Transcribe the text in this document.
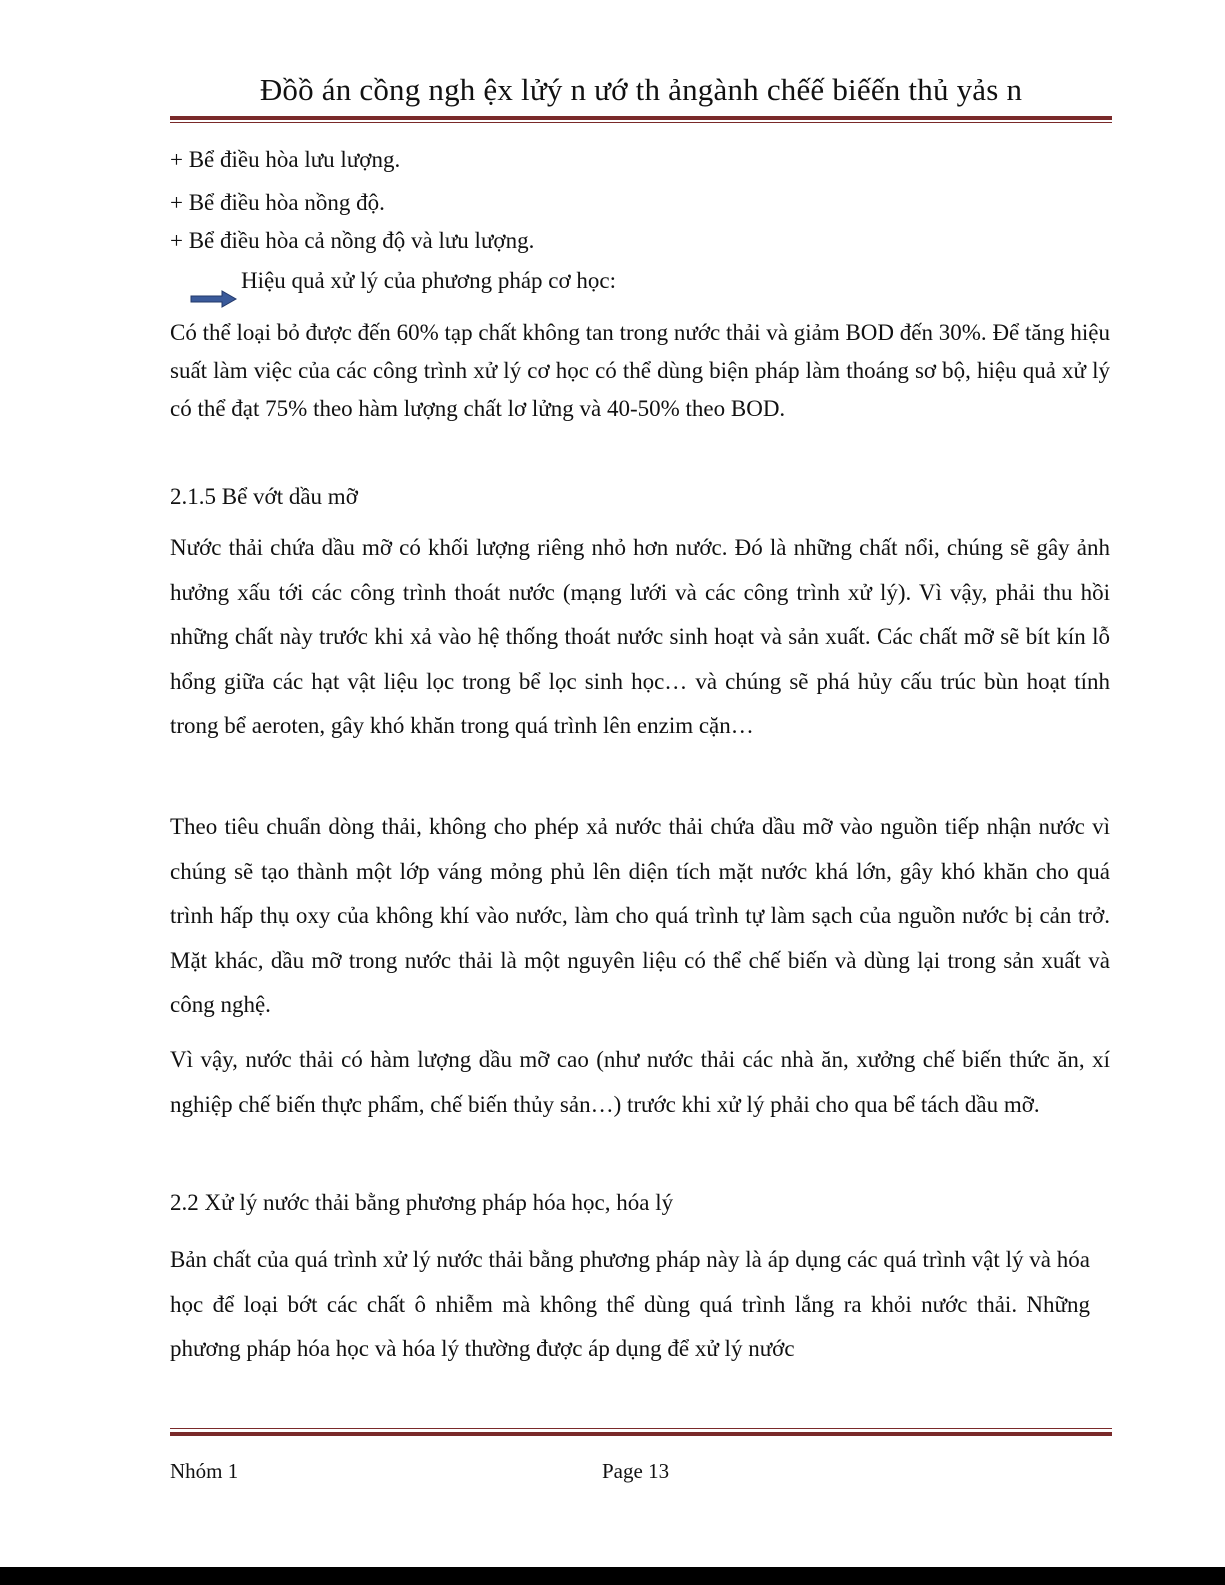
Đồồ án cồng ngh ệx lửý n ướ th ảngành chếế biếến thủ yảs n
+ Bể điều hòa lưu lượng.
+ Bể điều hòa nồng độ.
+ Bể điều hòa cả nồng độ và lưu lượng.
Hiệu quả xử lý của phương pháp cơ học:
Có thể loại bỏ được đến 60% tạp chất không tan trong nước thải và giảm BOD đến 30%. Để tăng hiệu suất làm việc của các công trình xử lý cơ học có thể dùng biện pháp làm thoáng sơ bộ, hiệu quả xử lý có thể đạt 75% theo hàm lượng chất lơ lửng và 40-50% theo BOD.
2.1.5 Bể vớt dầu mỡ
Nước thải chứa dầu mỡ có khối lượng riêng nhỏ hơn nước. Đó là những chất nổi, chúng sẽ gây ảnh hưởng xấu tới các công trình thoát nước (mạng lưới và các công trình xử lý). Vì vậy, phải thu hồi những chất này trước khi xả vào hệ thống thoát nước sinh hoạt và sản xuất. Các chất mỡ sẽ bít kín lỗ hổng giữa các hạt vật liệu lọc trong bể lọc sinh học… và chúng sẽ phá hủy cấu trúc bùn hoạt tính trong bể aeroten, gây khó khăn trong quá trình lên enzim cặn…
Theo tiêu chuẩn dòng thải, không cho phép xả nước thải chứa dầu mỡ vào nguồn tiếp nhận nước vì chúng sẽ tạo thành một lớp váng mỏng phủ lên diện tích mặt nước khá lớn, gây khó khăn cho quá trình hấp thụ oxy của không khí vào nước, làm cho quá trình tự làm sạch của nguồn nước bị cản trở. Mặt khác, dầu mỡ trong nước thải là một nguyên liệu có thể chế biến và dùng lại trong sản xuất và công nghệ.
Vì vậy, nước thải có hàm lượng dầu mỡ cao (như nước thải các nhà ăn, xưởng chế biến thức ăn, xí nghiệp chế biến thực phẩm, chế biến thủy sản…) trước khi xử lý phải cho qua bể tách dầu mỡ.
2.2 Xử lý nước thải bằng phương pháp hóa học, hóa lý
Bản chất của quá trình xử lý nước thải bằng phương pháp này là áp dụng các quá trình vật lý và hóa học để loại bớt các chất ô nhiễm mà không thể dùng quá trình lắng ra khỏi nước thải. Những phương pháp hóa học và hóa lý thường được áp dụng để xử lý nước
Nhóm 1	Page 13
